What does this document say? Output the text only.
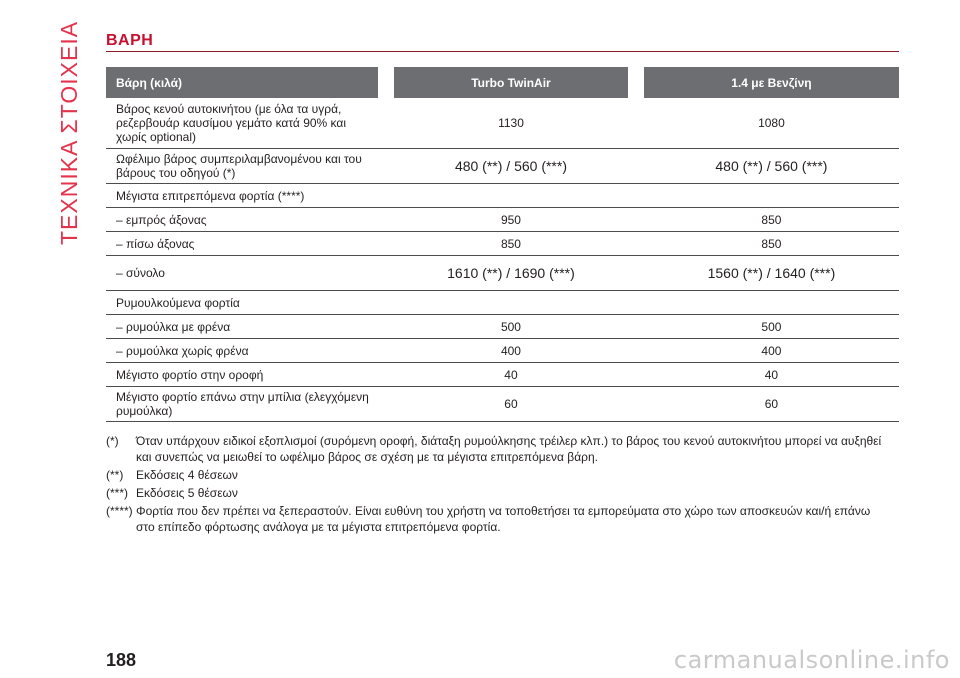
ΤΕΧΝΙΚΑ ΣΤΟΙΧΕΙΑ ΒΑΡΗ
Βάρη (κιλά)		Turbo TwinAir		1.4 με Βενζίνη
Βάρος κενού αυτοκινήτου (με όλα τα υγρά,
ρεζερβουάρ καυσίμου γεμάτο κατά 90% και
χωρίς optional)		1130		1080
Ωφέλιμο βάρος συμπεριλαμβανομένου και του
βάρους του οδηγού (*)		480 (**) / 560 (***)		480 (**) / 560 (***)
Μέγιστα επιτρεπόμενα φορτία (****)				
– εμπρός άξονας		950		850
– πίσω άξονας		850		850
– σύνολο		1610 (**) / 1690 (***)		1560 (**) / 1640 (***)
Ρυμουλκούμενα φορτία				
– ρυμούλκα με φρένα		500		500
– ρυμούλκα χωρίς φρένα		400		400
Μέγιστο φορτίο στην οροφή		40		40
Μέγιστο φορτίο επάνω στην μπίλια (ελεγχόμενη
ρυμούλκα)		60		60
(*) Όταν υπάρχουν ειδικοί εξοπλισμοί (συρόμενη οροφή, διάταξη ρυμούλκησης τρέιλερ κλπ.) το βάρος του κενού αυτοκινήτου μπορεί να αυξηθεί
και συνεπώς να μειωθεί το ωφέλιμο βάρος σε σχέση με τα μέγιστα επιτρεπόμενα βάρη.
(**) Εκδόσεις 4 θέσεων
(***) Εκδόσεις 5 θέσεων
(****) Φορτία που δεν πρέπει να ξεπεραστούν. Είναι ευθύνη του χρήστη να τοποθετήσει τα εμπορεύματα στο χώρο των αποσκευών και/ή επάνω
στο επίπεδο φόρτωσης ανάλογα με τα μέγιστα επιτρεπόμενα φορτία.
188	carmanualsonline.info
